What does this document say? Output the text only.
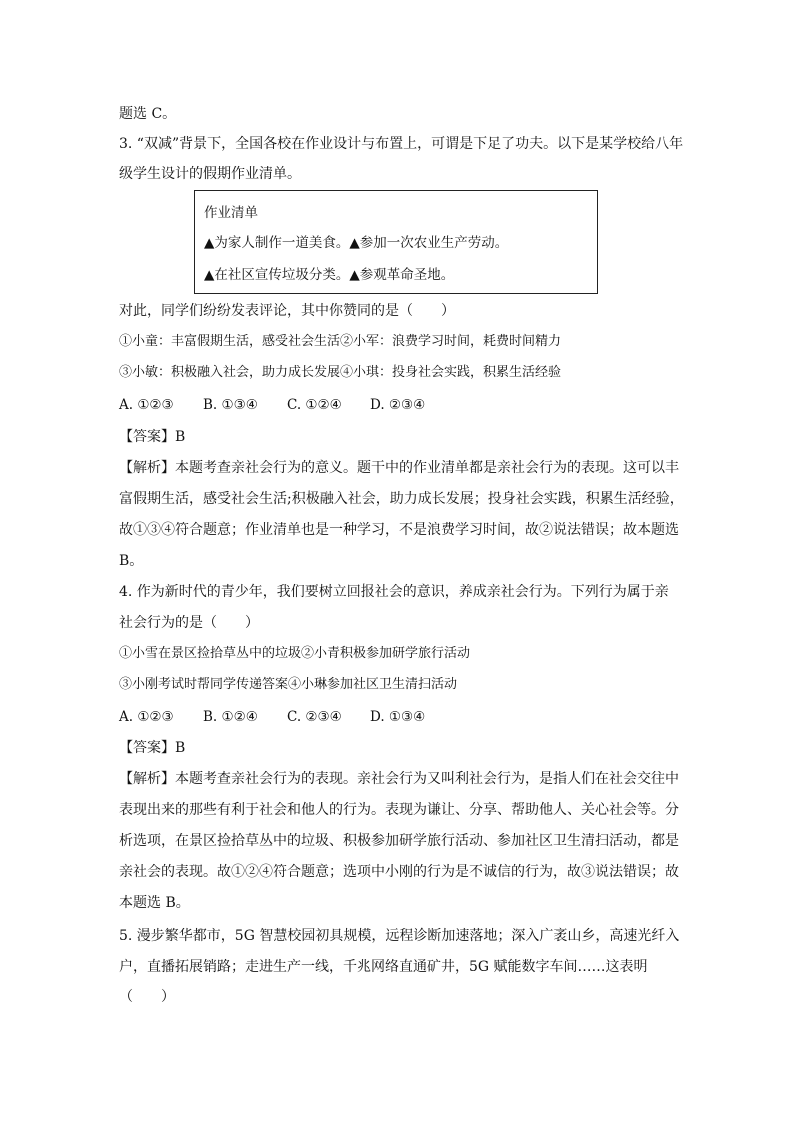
题选 C。
3. “双减”背景下，全国各校在作业设计与布置上，可谓是下足了功夫。以下是某学校给八年
级学生设计的假期作业清单。
作业清单
▲为家人制作一道美食。▲参加一次农业生产劳动。
▲在社区宣传垃圾分类。▲参观革命圣地。
对此，同学们纷纷发表评论，其中你赞同的是（　　）
①小童：丰富假期生活，感受社会生活②小军：浪费学习时间，耗费时间精力
③小敏：积极融入社会，助力成长发展④小琪：投身社会实践，积累生活经验
A. ①②③ B. ①③④ C. ①②④ D. ②③④
【答案】B
【解析】本题考查亲社会行为的意义。题干中的作业清单都是亲社会行为的表现。这可以丰
富假期生活，感受社会生活;积极融入社会，助力成长发展；投身社会实践，积累生活经验，
故①③④符合题意；作业清单也是一种学习，不是浪费学习时间，故②说法错误；故本题选
B。
4. 作为新时代的青少年，我们要树立回报社会的意识，养成亲社会行为。下列行为属于亲
社会行为的是（　　）
①小雪在景区捡拾草丛中的垃圾②小青积极参加研学旅行活动
③小刚考试时帮同学传递答案④小琳参加社区卫生清扫活动
A. ①②③ B. ①②④ C. ②③④ D. ①③④
【答案】B
【解析】本题考查亲社会行为的表现。亲社会行为又叫利社会行为，是指人们在社会交往中
表现出来的那些有利于社会和他人的行为。表现为谦让、分享、帮助他人、关心社会等。分
析选项，在景区捡拾草丛中的垃圾、积极参加研学旅行活动、参加社区卫生清扫活动，都是
亲社会的表现。故①②④符合题意；选项中小刚的行为是不诚信的行为，故③说法错误；故
本题选 B。
5. 漫步繁华都市，5G 智慧校园初具规模，远程诊断加速落地；深入广袤山乡，高速光纤入
户，直播拓展销路；走进生产一线，千兆网络直通矿井，5G 赋能数字车间……这表明
（　　）
